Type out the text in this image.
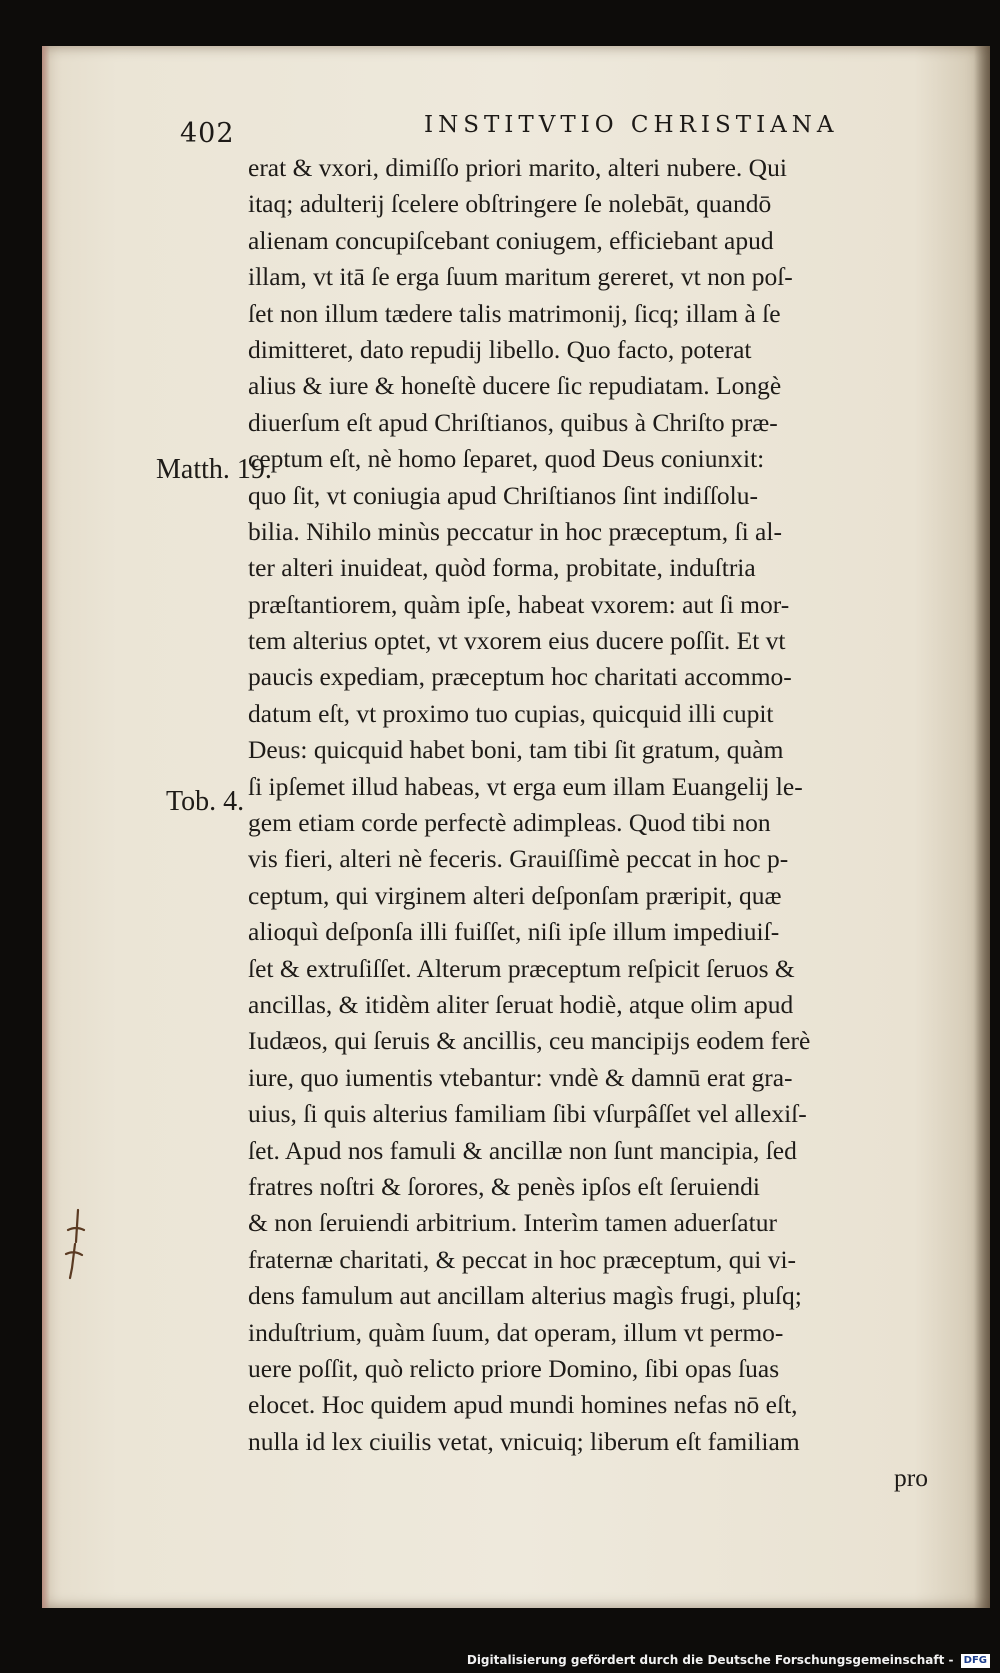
402	INSTITVTIO CHRISTIANA
Matth. 19.
Tob. 4.
erat & vxori, dimiſſo priori marito, alteri nubere. Qui
itaq; adulterij ſcelere obſtringere ſe nolebāt, quandō
alienam concupiſcebant coniugem, efficiebant apud
illam, vt itā ſe erga ſuum maritum gereret, vt non poſ-
ſet non illum tædere talis matrimonij, ſicq; illam à ſe
dimitteret, dato repudij libello. Quo facto, poterat
alius & iure & honeſtè ducere ſic repudiatam. Longè
diuerſum eſt apud Chriſtianos, quibus à Chriſto præ-
ceptum eſt, nè homo ſeparet, quod Deus coniunxit:
quo ſit, vt coniugia apud Chriſtianos ſint indiſſolu-
bilia. Nihilo minùs peccatur in hoc præceptum, ſi al-
ter alteri inuideat, quòd forma, probitate, induſtria
præſtantiorem, quàm ipſe, habeat vxorem: aut ſi mor-
tem alterius optet, vt vxorem eius ducere poſſit. Et vt
paucis expediam, præceptum hoc charitati accommo-
datum eſt, vt proximo tuo cupias, quicquid illi cupit
Deus: quicquid habet boni, tam tibi ſit gratum, quàm
ſi ipſemet illud habeas, vt erga eum illam Euangelij le-
gem etiam corde perfectè adimpleas. Quod tibi non
vis fieri, alteri nè feceris. Grauiſſimè peccat in hoc p-
ceptum, qui virginem alteri deſponſam præripit, quæ
alioquì deſponſa illi fuiſſet, niſi ipſe illum impediuiſ-
ſet & extruſiſſet. Alterum præceptum reſpicit ſeruos &
ancillas, & itidèm aliter ſeruat hodiè, atque olim apud
Iudæos, qui ſeruis & ancillis, ceu mancipijs eodem ferè
iure, quo iumentis vtebantur: vndè & damnū erat gra-
uius, ſi quis alterius familiam ſibi vſurpâſſet vel allexiſ-
ſet. Apud nos famuli & ancillæ non ſunt mancipia, ſed
fratres noſtri & ſorores, & penès ipſos eſt ſeruiendi
& non ſeruiendi arbitrium. Interìm tamen aduerſatur
fraternæ charitati, & peccat in hoc præceptum, qui vi-
dens famulum aut ancillam alterius magìs frugi, pluſq;
induſtrium, quàm ſuum, dat operam, illum vt permo-
uere poſſit, quò relicto priore Domino, ſibi opas ſuas
elocet. Hoc quidem apud mundi homines nefas nō eſt,
nulla id lex ciuilis vetat, vnicuiq; liberum eſt familiam
pro
Digitalisierung gefördert durch die Deutsche Forschungsgemeinschaft - DFG
